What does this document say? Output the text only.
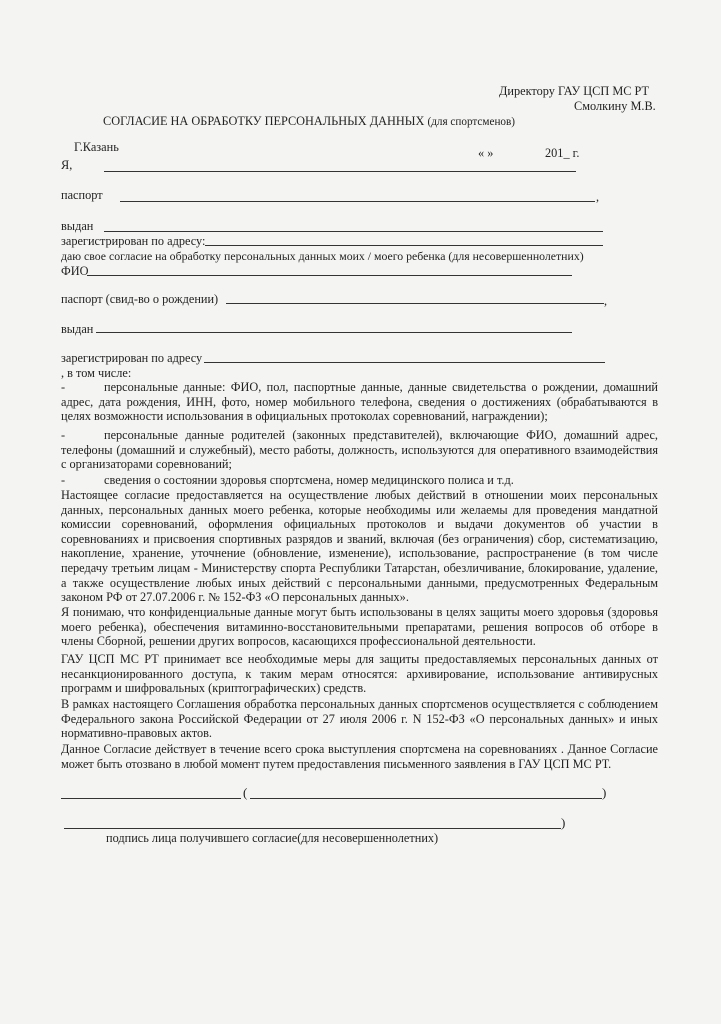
Директору ГАУ ЦСП МС РТ
Смолкину М.В.
СОГЛАСИЕ НА ОБРАБОТКУ ПЕРСОНАЛЬНЫХ ДАННЫХ (для спортсменов)
Г.Казань	« »	201_ г.
Я,
паспорт	,
выдан
зарегистрирован по адресу:
даю свое согласие на обработку персональных данных моих / моего ребенка (для несовершеннолетних)
ФИО
паспорт (свид-во о рождении)	,
выдан
зарегистрирован по адресу
, в том числе:
-	персональные данные: ФИО, пол, паспортные данные, данные свидетельства о рождении, домашний адрес, дата рождения, ИНН, фото, номер мобильного телефона, сведения о достижениях (обрабатываются в целях возможности использования в официальных протоколах соревнований, награждении);
-	персональные данные родителей (законных представителей), включающие ФИО, домашний адрес, телефоны (домашний и служебный), место работы, должность, используются для оперативного взаимодействия с организаторами соревнований;
-	сведения о состоянии здоровья спортсмена, номер медицинского полиса и т.д.
Настоящее согласие предоставляется на осуществление любых действий в отношении моих персональных данных, персональных данных моего ребенка, которые необходимы или желаемы для проведения мандатной комиссии соревнований, оформления официальных протоколов и выдачи документов об участии в соревнованиях и присвоения спортивных разрядов и званий, включая (без ограничения) сбор, систематизацию, накопление, хранение, уточнение (обновление, изменение), использование, распространение (в том числе передачу третьим лицам - Министерству спорта Республики Татарстан, обезличивание, блокирование, удаление, а также осуществление любых иных действий с персональными данными, предусмотренных Федеральным законом РФ от 27.07.2006 г. № 152-ФЗ «О персональных данных».
Я понимаю, что конфиденциальные данные могут быть использованы в целях защиты моего здоровья (здоровья моего ребенка), обеспечения витаминно-восстановительными препаратами, решения вопросов об отборе в члены Сборной, решении других вопросов, касающихся профессиональной деятельности.
ГАУ ЦСП МС РТ принимает все необходимые меры для защиты предоставляемых персональных данных от несанкционированного доступа, к таким мерам относятся: архивирование, использование антивирусных программ и шифровальных (криптографических) средств.
В рамках настоящего Соглашения обработка персональных данных спортсменов осуществляется с соблюдением Федерального закона Российской Федерации от 27 июля 2006 г. N 152-ФЗ «О персональных данных» и иных нормативно-правовых актов.
Данное Согласие действует в течение всего срока выступления спортсмена на соревнованиях . Данное Согласие может быть отозвано в любой момент путем предоставления письменного заявления в ГАУ ЦСП МС РТ.
(	)
)
подпись лица получившего согласие(для несовершеннолетних)
